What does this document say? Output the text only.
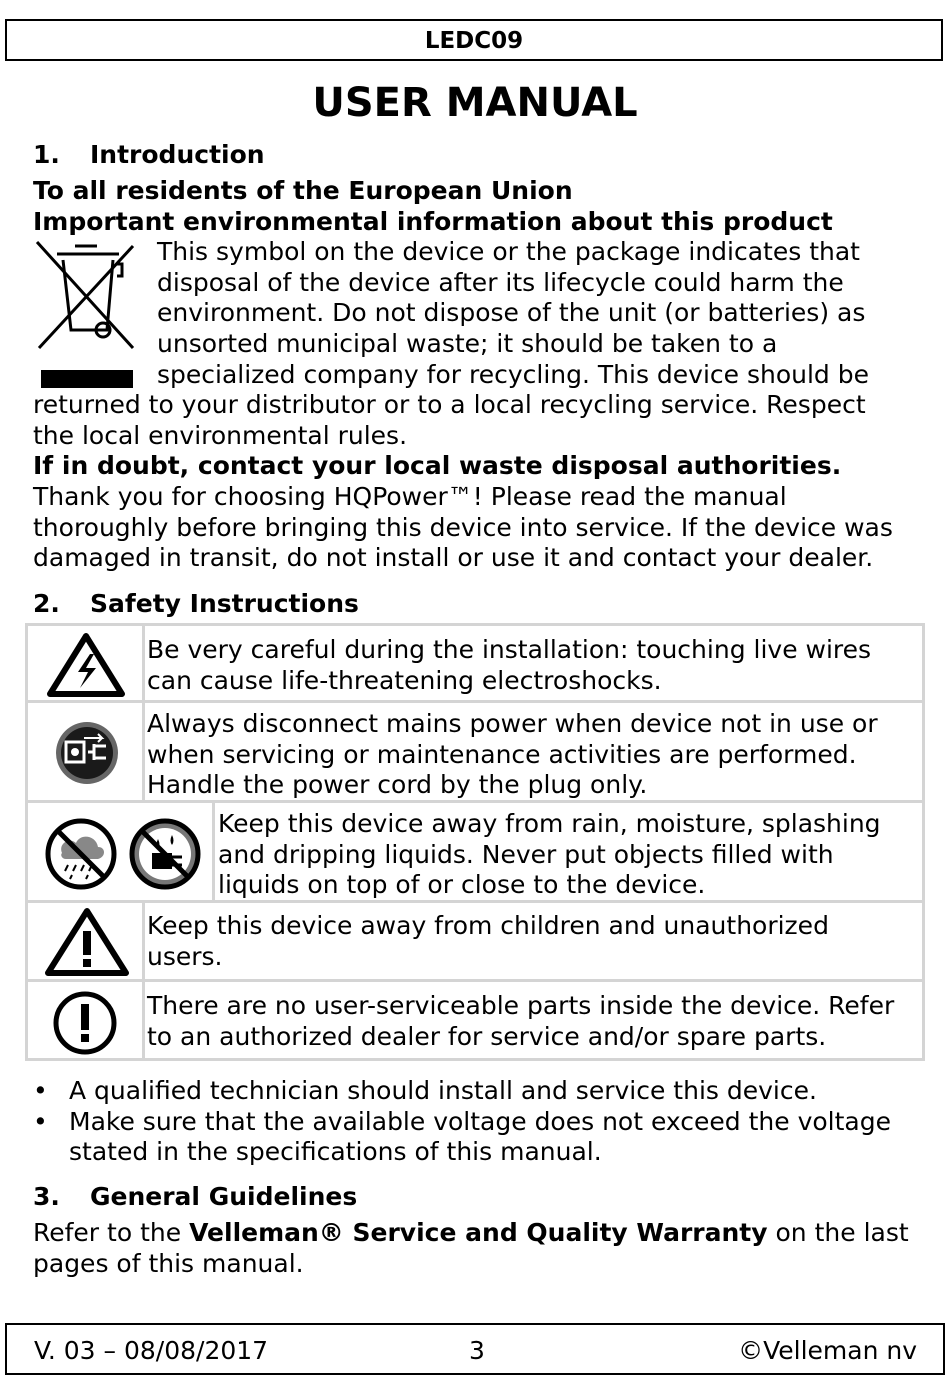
LEDC09
USER MANUAL
1. Introduction
To all residents of the European Union
Important environmental information about this product
This symbol on the device or the package indicates that
disposal of the device after its lifecycle could harm the
environment. Do not dispose of the unit (or batteries) as
unsorted municipal waste; it should be taken to a
specialized company for recycling. This device should be
returned to your distributor or to a local recycling service. Respect
the local environmental rules.
If in doubt, contact your local waste disposal authorities.
Thank you for choosing HQPower™! Please read the manual
thoroughly before bringing this device into service. If the device was
damaged in transit, do not install or use it and contact your dealer.
2. Safety Instructions
Be very careful during the installation: touching live wires
can cause life-threatening electroshocks.
Always disconnect mains power when device not in use or
when servicing or maintenance activities are performed.
Handle the power cord by the plug only.
Keep this device away from rain, moisture, splashing
and dripping liquids. Never put objects filled with
liquids on top of or close to the device.
Keep this device away from children and unauthorized
users.
There are no user-serviceable parts inside the device. Refer
to an authorized dealer for service and/or spare parts.
• A qualified technician should install and service this device.
• Make sure that the available voltage does not exceed the voltage
stated in the specifications of this manual.
3. General Guidelines
Refer to the Velleman® Service and Quality Warranty on the last
pages of this manual.
V. 03 – 08/08/2017	3	©Velleman nv
